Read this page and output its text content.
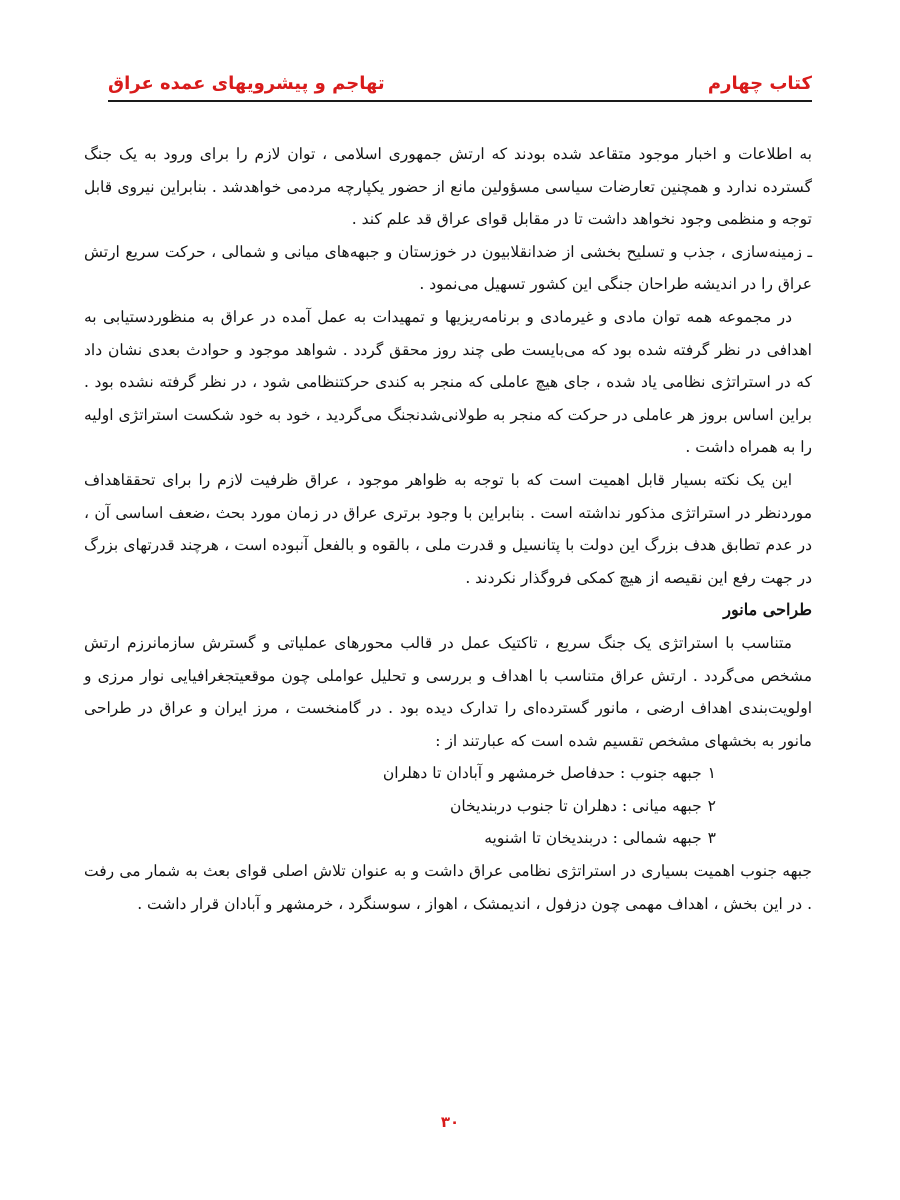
کتاب چهارم
تهاجم و پیشرویهای عمده عراق

به اطلاعات و اخبار موجود متقاعد شده بودند که ارتش جمهوری اسلامی ، توان لازم را برای ورود به یک جنگ گسترده ندارد و همچنین تعارضات سیاسی مسؤولین مانع از حضور یکپارچه مردمی خواهدشد . بنابراین نیروی قابل توجه و منظمی وجود نخواهد داشت تا در مقابل قوای عراق قد علم کند .

ـ زمینه‌سازی ، جذب و تسلیح بخشی از ضدانقلابیون در خوزستان و جبهه‌های میانی و شمالی ، حرکت سریع ارتش عراق را در اندیشه طراحان جنگی این کشور تسهیل می‌نمود .

در مجموعه همه توان مادی و غیرمادی و برنامه‌ریزیها و تمهیدات به عمل آمده در عراق به منظوردستیابی به اهدافی در نظر گرفته شده بود که می‌بایست طی چند روز محقق گردد . شواهد موجود و حوادث بعدی نشان داد که در استراتژی نظامی یاد شده ، جای هیچ عاملی که منجر به کندی حرکتنظامی شود ، در نظر گرفته نشده بود . براین اساس بروز هر عاملی در حرکت که منجر به طولانی‌شدنجنگ می‌گردید ، خود به خود شکست استراتژی اولیه را به همراه داشت .

این یک نکته بسیار قابل اهمیت است که با توجه به ظواهر موجود ، عراق ظرفیت لازم را برای تحققاهداف موردنظر در استراتژی مذکور نداشته است . بنابراین با وجود برتری عراق در زمان مورد بحث ،ضعف اساسی آن ، در عدم تطابق هدف بزرگ این دولت با پتانسیل و قدرت ملی ، بالقوه و بالفعل آنبوده است ، هرچند قدرتهای بزرگ در جهت رفع این نقیصه از هیچ کمکی فروگذار نکردند .

طراحی مانور

متناسب با استراتژی یک جنگ سریع ، تاکتیک عمل در قالب محورهای عملیاتی و گسترش سازمانرزم ارتش مشخص می‌گردد . ارتش عراق متناسب با اهداف و بررسی و تحلیل عواملی چون موقعیتجغرافیایی نوار مرزی و اولویت‌بندی اهداف ارضی ، مانور گسترده‌ای را تدارک دیده بود . در گامنخست ، مرز ایران و عراق در طراحی مانور به بخشهای مشخص تقسیم شده است که عبارتند از :

۱جبهه جنوب : حدفاصل خرمشهر و آبادان تا دهلران
۲جبهه میانی : دهلران تا جنوب دربندیخان
۳جبهه شمالی : دربندیخان تا اشنویه

جبهه جنوب اهمیت بسیاری در استراتژی نظامی عراق داشت و به عنوان تلاش اصلی قوای بعث به شمار می رفت . در این بخش ، اهداف مهمی چون دزفول ، اندیمشک ، اهواز ، سوسنگرد ، خرمشهر و آبادان قرار داشت .

۳۰
